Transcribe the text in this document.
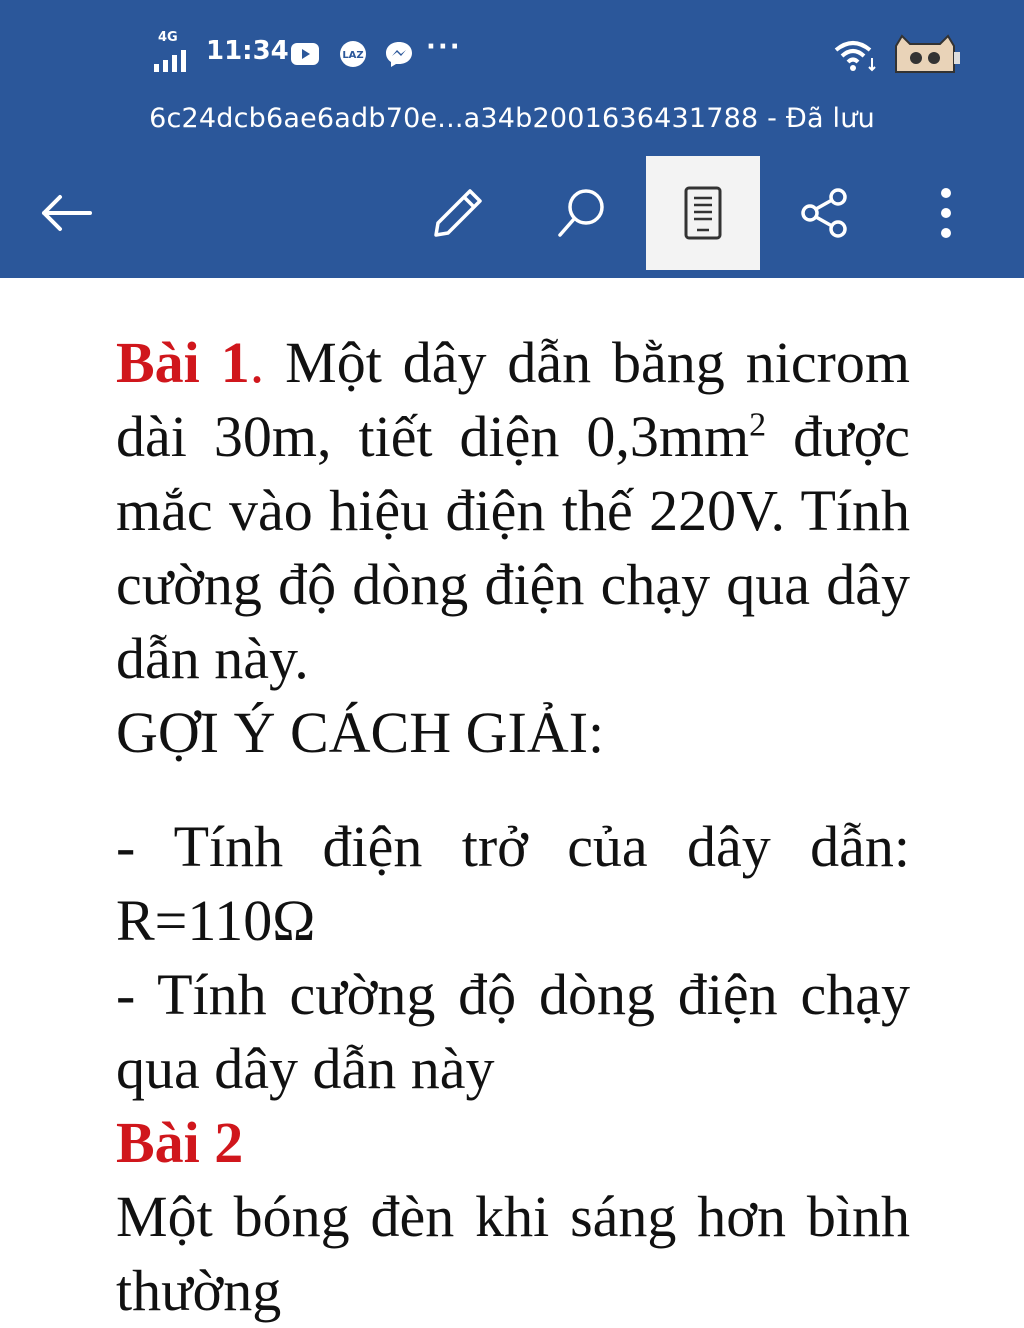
4G 11:34	LAZ ···
6c24dcb6ae6adb70e...a34b2001636431788 - Đã lưu

Bài 1. Một dây dẫn bằng nicrom dài 30m, tiết diện $0,3mm^2$ được mắc vào hiệu điện thế 220V. Tính cường độ dòng điện chạy qua dây dẫn này.

GỢI Ý CÁCH GIẢI:

- Tính điện trở của dây dẫn: R=110Ω

- Tính cường độ dòng điện chạy qua dây dẫn này

Bài 2

Một bóng đèn khi sáng hơn bình thường
